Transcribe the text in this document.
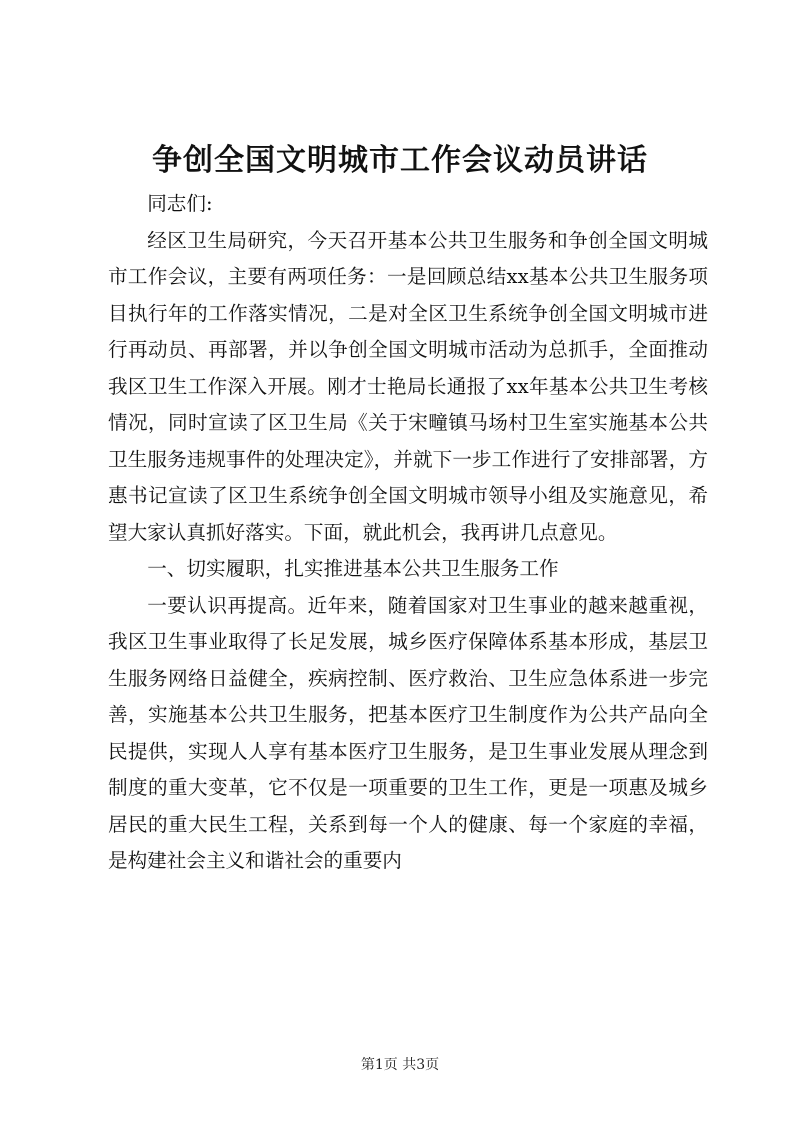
争创全国文明城市工作会议动员讲话

同志们:

经区卫生局研究，今天召开基本公共卫生服务和争创全国文明城市工作会议，主要有两项任务：一是回顾总结xx基本公共卫生服务项目执行年的工作落实情况，二是对全区卫生系统争创全国文明城市进行再动员、再部署，并以争创全国文明城市活动为总抓手，全面推动我区卫生工作深入开展。刚才士艳局长通报了xx年基本公共卫生考核情况，同时宣读了区卫生局《关于宋疃镇马场村卫生室实施基本公共卫生服务违规事件的处理决定》，并就下一步工作进行了安排部署，方惠书记宣读了区卫生系统争创全国文明城市领导小组及实施意见，希望大家认真抓好落实。下面，就此机会，我再讲几点意见。

一、切实履职，扎实推进基本公共卫生服务工作

一要认识再提高。近年来，随着国家对卫生事业的越来越重视，我区卫生事业取得了长足发展，城乡医疗保障体系基本形成，基层卫生服务网络日益健全，疾病控制、医疗救治、卫生应急体系进一步完善，实施基本公共卫生服务，把基本医疗卫生制度作为公共产品向全民提供，实现人人享有基本医疗卫生服务，是卫生事业发展从理念到制度的重大变革，它不仅是一项重要的卫生工作，更是一项惠及城乡居民的重大民生工程，关系到每一个人的健康、每一个家庭的幸福，是构建社会主义和谐社会的重要内

第1页 共3页
